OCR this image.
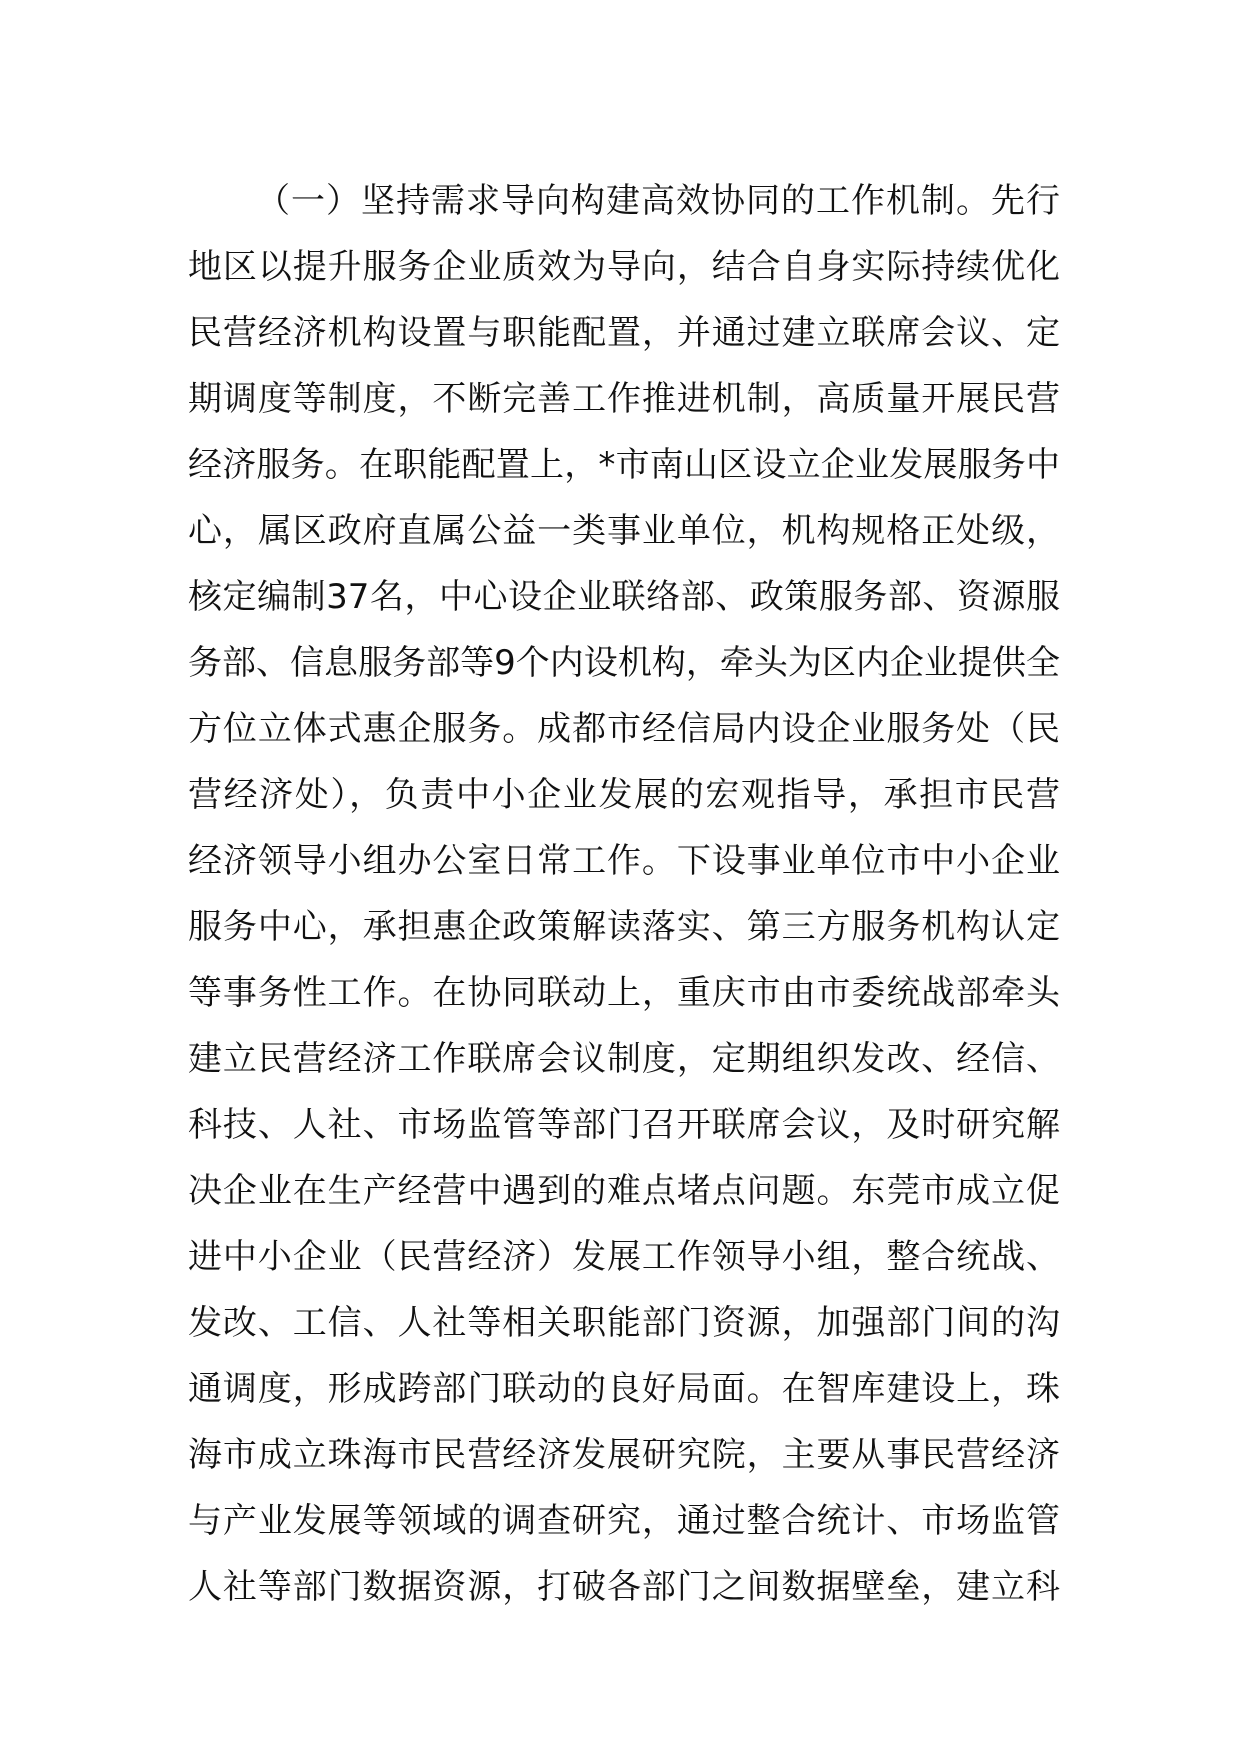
（一）坚持需求导向构建高效协同的工作机制。先行
地区以提升服务企业质效为导向，结合自身实际持续优化
民营经济机构设置与职能配置，并通过建立联席会议、定
期调度等制度，不断完善工作推进机制，高质量开展民营
经济服务。在职能配置上，*市南山区设立企业发展服务中
心，属区政府直属公益一类事业单位，机构规格正处级，
核定编制37名，中心设企业联络部、政策服务部、资源服
务部、信息服务部等9个内设机构，牵头为区内企业提供全
方位立体式惠企服务。成都市经信局内设企业服务处（民
营经济处），负责中小企业发展的宏观指导，承担市民营
经济领导小组办公室日常工作。下设事业单位市中小企业
服务中心，承担惠企政策解读落实、第三方服务机构认定
等事务性工作。在协同联动上，重庆市由市委统战部牵头
建立民营经济工作联席会议制度，定期组织发改、经信、
科技、人社、市场监管等部门召开联席会议，及时研究解
决企业在生产经营中遇到的难点堵点问题。东莞市成立促
进中小企业（民营经济）发展工作领导小组，整合统战、
发改、工信、人社等相关职能部门资源，加强部门间的沟
通调度，形成跨部门联动的良好局面。在智库建设上，珠
海市成立珠海市民营经济发展研究院，主要从事民营经济
与产业发展等领域的调查研究，通过整合统计、市场监管
人社等部门数据资源，打破各部门之间数据壁垒，建立科
